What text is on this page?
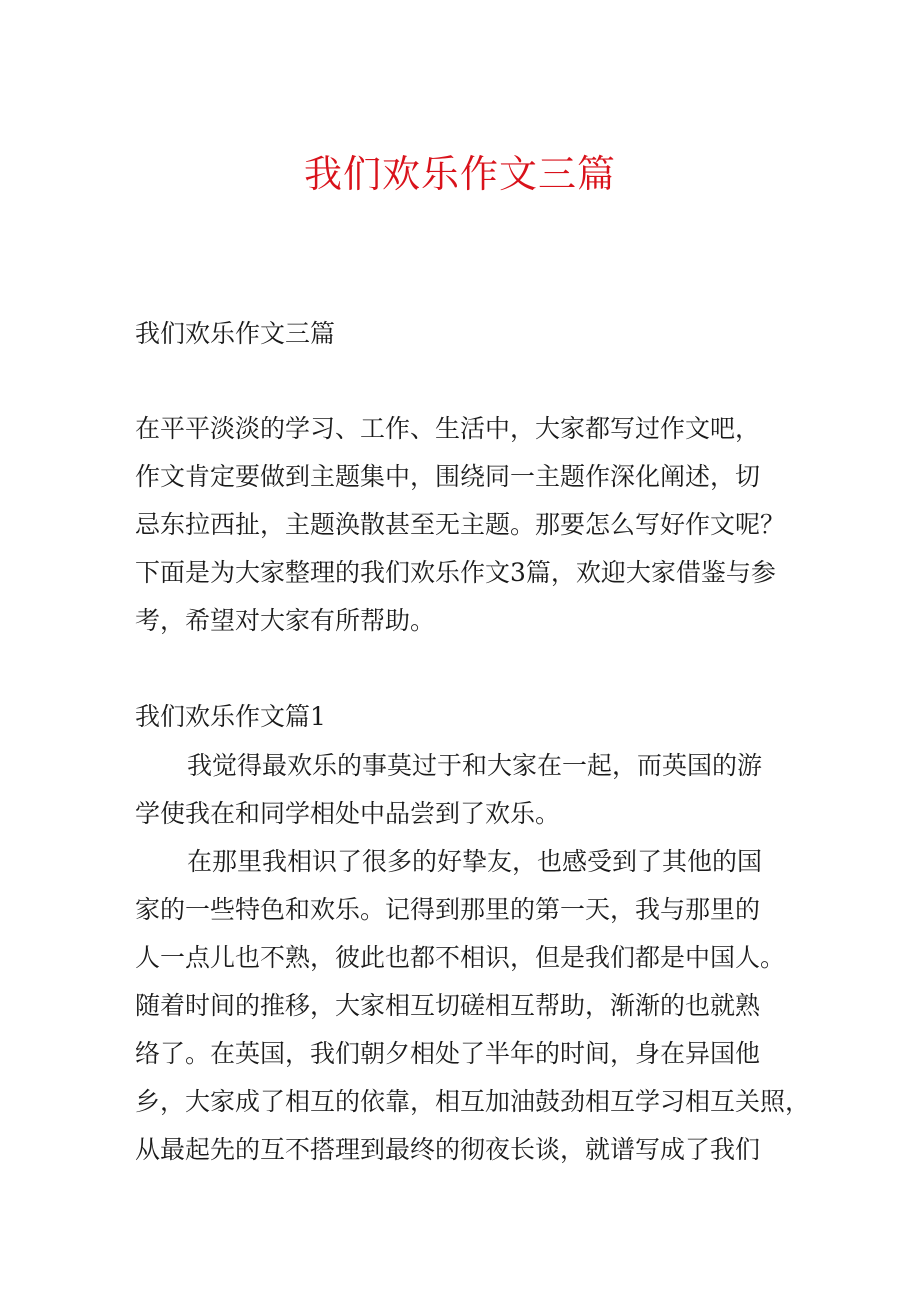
我们欢乐作文三篇

我们欢乐作文三篇

在平平淡淡的学习、工作、生活中，大家都写过作文吧，
作文肯定要做到主题集中，围绕同一主题作深化阐述，切
忌东拉西扯，主题涣散甚至无主题。那要怎么写好作文呢？
下面是为大家整理的我们欢乐作文3篇，欢迎大家借鉴与参
考，希望对大家有所帮助。

我们欢乐作文篇1

我觉得最欢乐的事莫过于和大家在一起，而英国的游
学使我在和同学相处中品尝到了欢乐。
在那里我相识了很多的好挚友，也感受到了其他的国
家的一些特色和欢乐。记得到那里的第一天，我与那里的
人一点儿也不熟，彼此也都不相识，但是我们都是中国人。
随着时间的推移，大家相互切磋相互帮助，渐渐的也就熟
络了。在英国，我们朝夕相处了半年的时间，身在异国他
乡，大家成了相互的依靠，相互加油鼓劲相互学习相互关照，
从最起先的互不搭理到最终的彻夜长谈，就谱写成了我们
